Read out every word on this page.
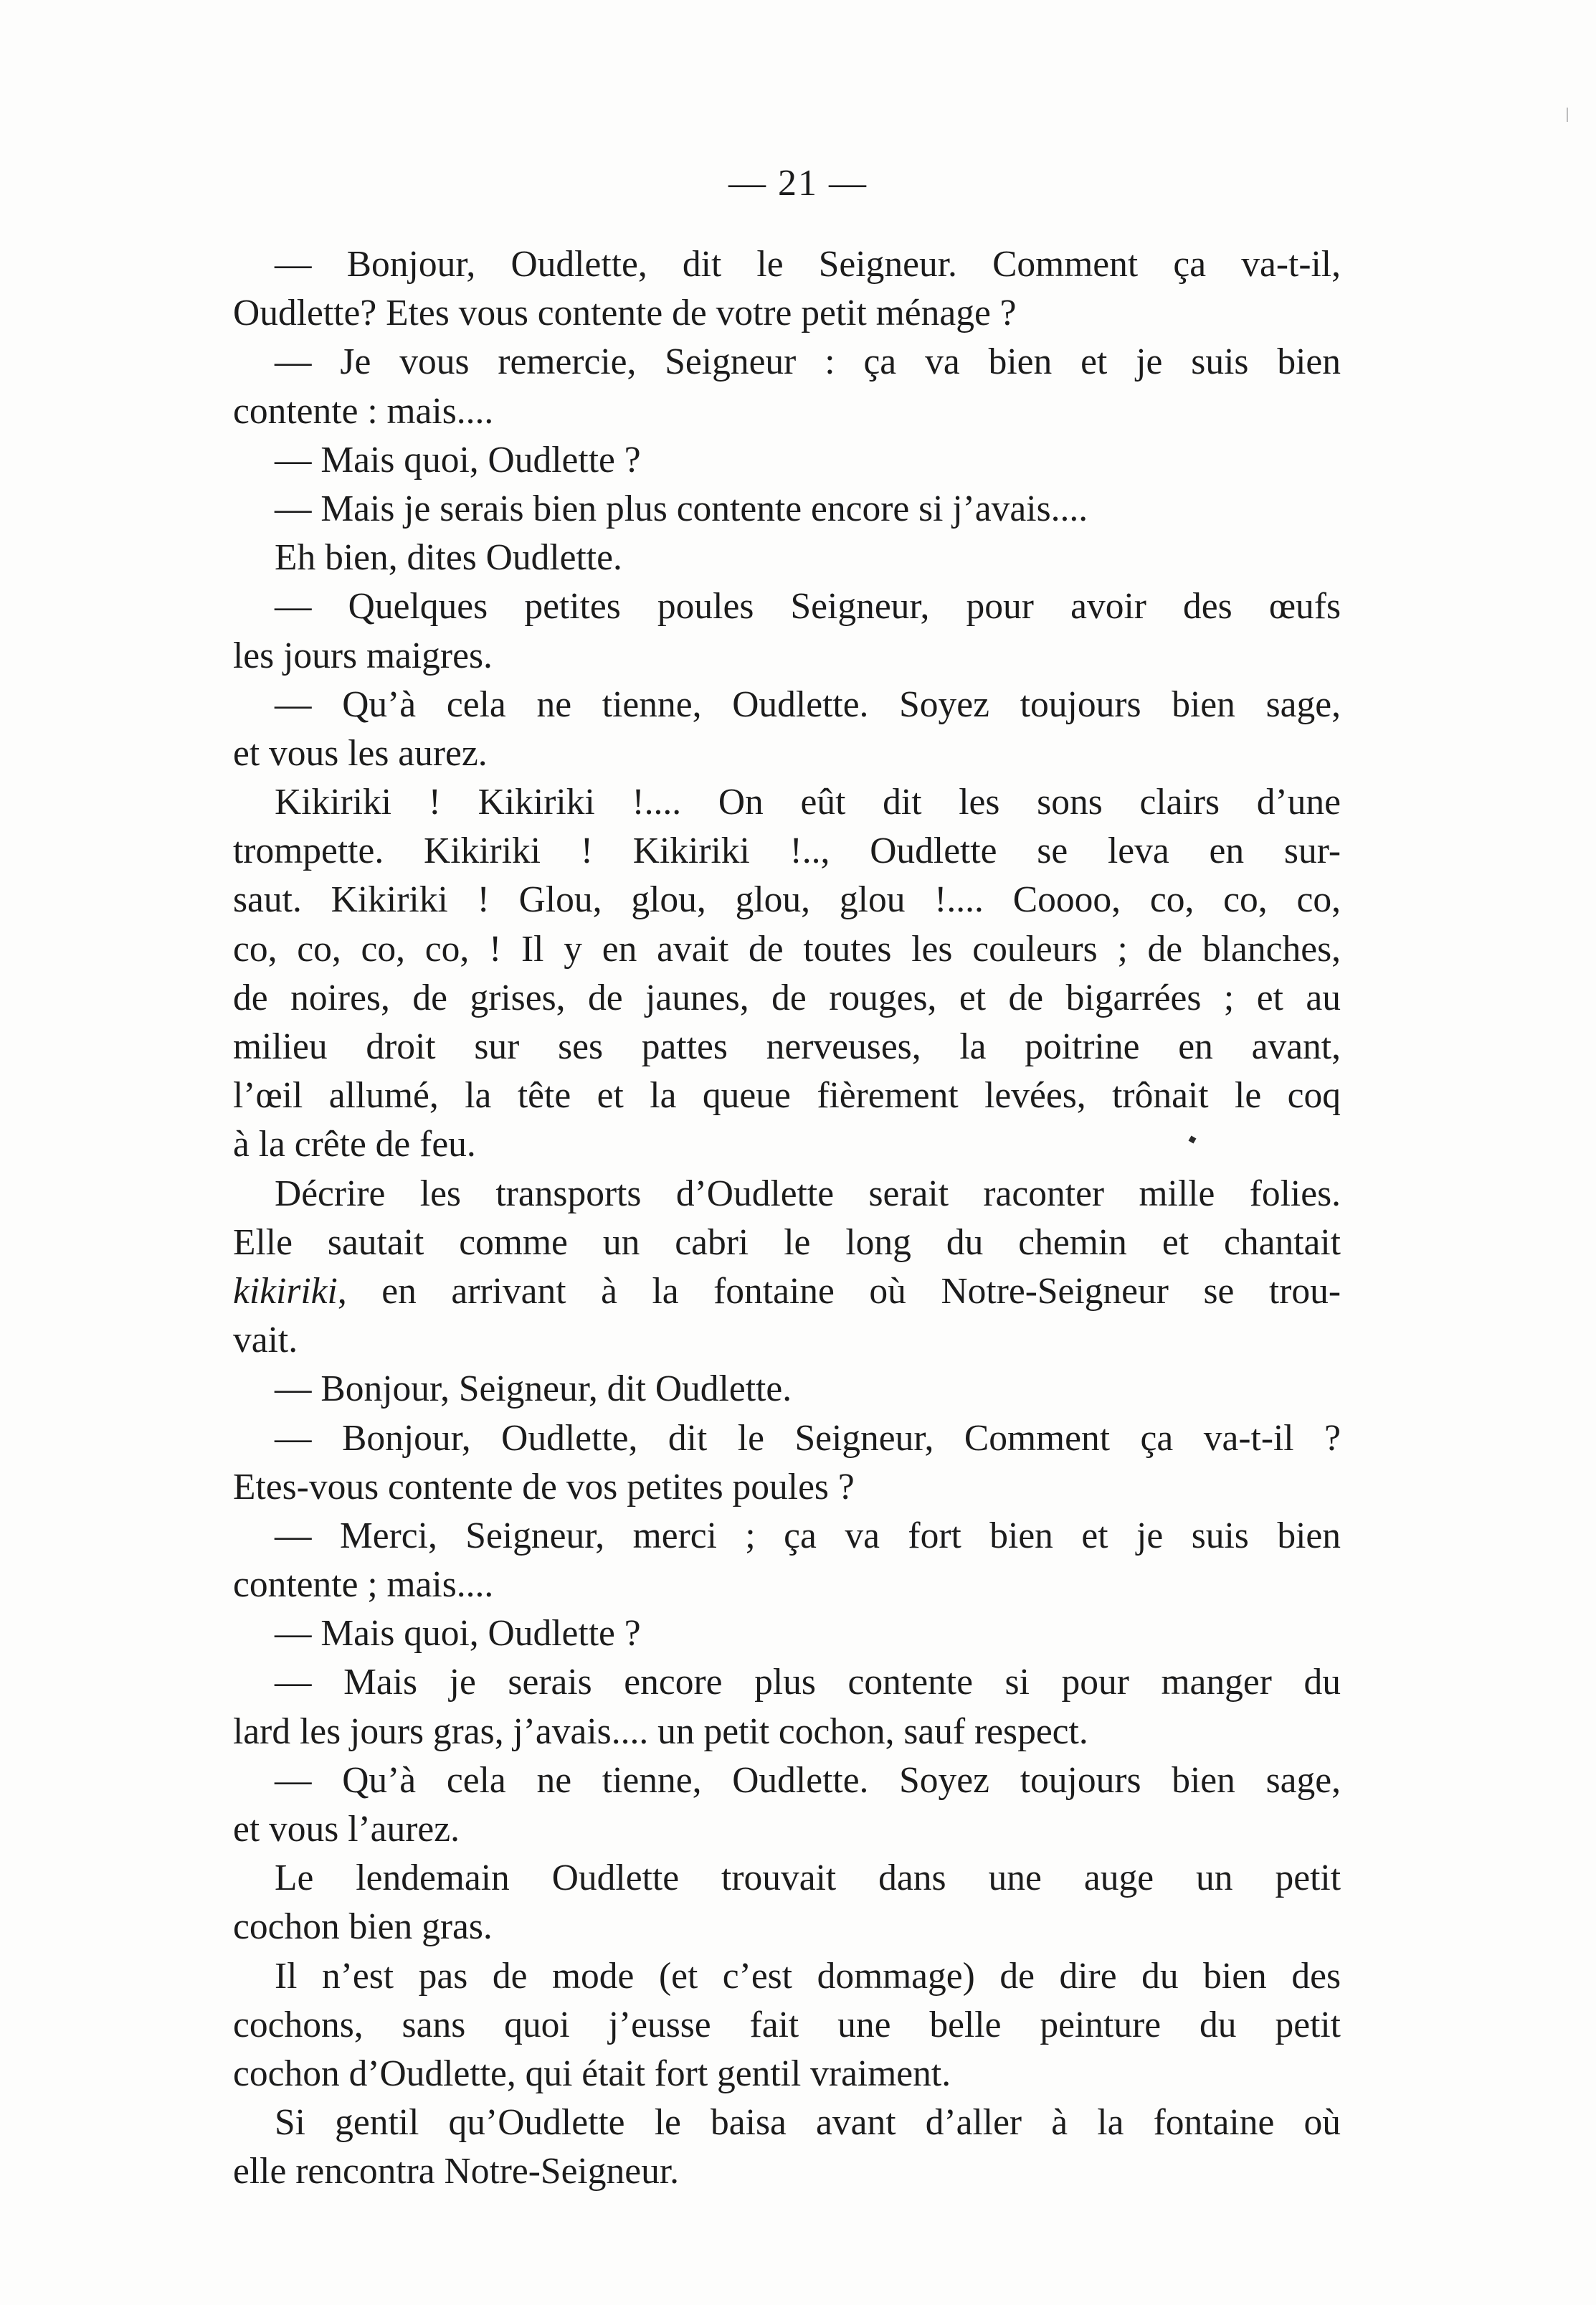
— 21 —
— Bonjour, Oudlette, dit le Seigneur. Comment ça va-t-il,
Oudlette? Etes vous contente de votre petit ménage ?
— Je vous remercie, Seigneur : ça va bien et je suis bien
contente : mais....
— Mais quoi, Oudlette ?
— Mais je serais bien plus contente encore si j’avais....
Eh bien, dites Oudlette.
— Quelques petites poules Seigneur, pour avoir des œufs
les jours maigres.
— Qu’à cela ne tienne, Oudlette. Soyez toujours bien sage,
et vous les aurez.
Kikiriki ! Kikiriki !.... On eût dit les sons clairs d’une
trompette. Kikiriki ! Kikiriki !.., Oudlette se leva en sur-
saut. Kikiriki ! Glou, glou, glou, glou !.... Coooo, co, co, co,
co, co, co, co, ! Il y en avait de toutes les couleurs ; de blanches,
de noires, de grises, de jaunes, de rouges, et de bigarrées ; et au
milieu droit sur ses pattes nerveuses, la poitrine en avant,
l’œil allumé, la tête et la queue fièrement levées, trônait le coq
à la crête de feu.
Décrire les transports d’Oudlette serait raconter mille folies.
Elle sautait comme un cabri le long du chemin et chantait
kikiriki, en arrivant à la fontaine où Notre-Seigneur se trou-
vait.
— Bonjour, Seigneur, dit Oudlette.
— Bonjour, Oudlette, dit le Seigneur, Comment ça va-t-il ?
Etes-vous contente de vos petites poules ?
— Merci, Seigneur, merci ; ça va fort bien et je suis bien
contente ; mais....
— Mais quoi, Oudlette ?
— Mais je serais encore plus contente si pour manger du
lard les jours gras, j’avais.... un petit cochon, sauf respect.
— Qu’à cela ne tienne, Oudlette. Soyez toujours bien sage,
et vous l’aurez.
Le lendemain Oudlette trouvait dans une auge un petit
cochon bien gras.
Il n’est pas de mode (et c’est dommage) de dire du bien des
cochons, sans quoi j’eusse fait une belle peinture du petit
cochon d’Oudlette, qui était fort gentil vraiment.
Si gentil qu’Oudlette le baisa avant d’aller à la fontaine où
elle rencontra Notre-Seigneur.
